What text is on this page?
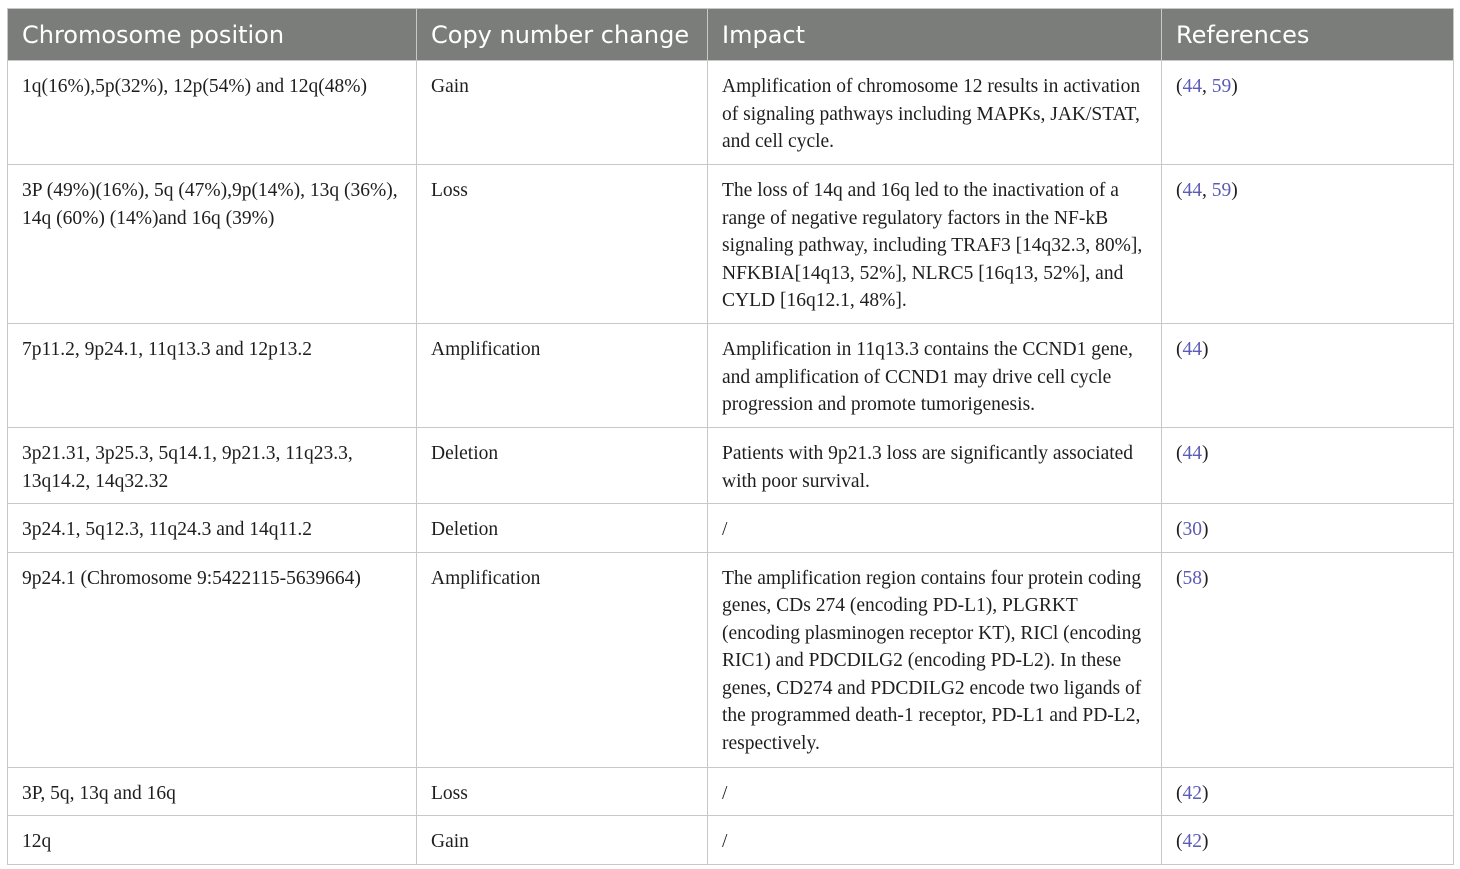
Chromosome position	Copy number change	Impact	References
1q(16%),5p(32%), 12p(54%) and 12q(48%)	Gain	Amplification of chromosome 12 results in activation of signaling pathways including MAPKs, JAK/STAT, and cell cycle.	(44, 59)
3P (49%)(16%), 5q (47%),9p(14%), 13q (36%), 14q (60%) (14%)and 16q (39%)	Loss	The loss of 14q and 16q led to the inactivation of a range of negative regulatory factors in the NF-kB signaling pathway, including TRAF3 [14q32.3, 80%], NFKBIA[14q13, 52%], NLRC5 [16q13, 52%], and CYLD [16q12.1, 48%].	(44, 59)
7p11.2, 9p24.1, 11q13.3 and 12p13.2	Amplification	Amplification in 11q13.3 contains the CCND1 gene, and amplification of CCND1 may drive cell cycle progression and promote tumorigenesis.	(44)
3p21.31, 3p25.3, 5q14.1, 9p21.3, 11q23.3, 13q14.2, 14q32.32	Deletion	Patients with 9p21.3 loss are significantly associated with poor survival.	(44)
3p24.1, 5q12.3, 11q24.3 and 14q11.2	Deletion	/	(30)
9p24.1 (Chromosome 9:5422115-5639664)	Amplification	The amplification region contains four protein coding genes, CDs 274 (encoding PD-L1), PLGRKT (encoding plasminogen receptor KT), RICl (encoding RIC1) and PDCDILG2 (encoding PD-L2). In these genes, CD274 and PDCDILG2 encode two ligands of the programmed death-1 receptor, PD-L1 and PD-L2, respectively.	(58)
3P, 5q, 13q and 16q	Loss	/	(42)
12q	Gain	/	(42)
